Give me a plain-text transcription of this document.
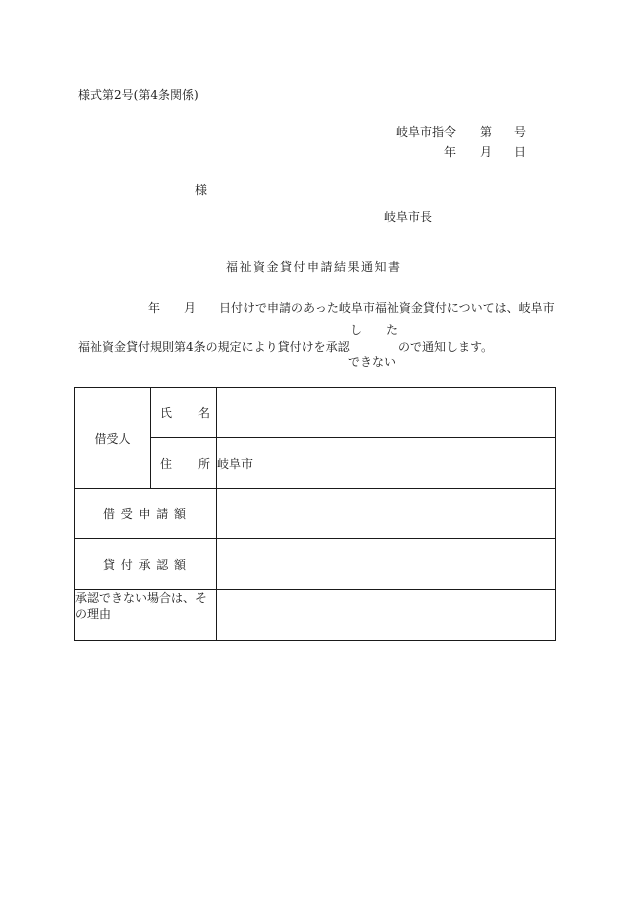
様式第2号(第4条関係)
岐阜市指令 第 号
年 月 日
様
岐阜市長
福祉資金貸付申請結果通知書
年 月 日付けで申請のあった岐阜市福祉資金貸付については、岐阜市
し　　た
福祉資金貸付規則第4条の規定により貸付けを承認	ので通知します。
できない
借受人	氏 名	

	住 所	岐阜市

借 受 申 請 額		

貸 付 承 認 額		

承認できない場合は、その理由		
